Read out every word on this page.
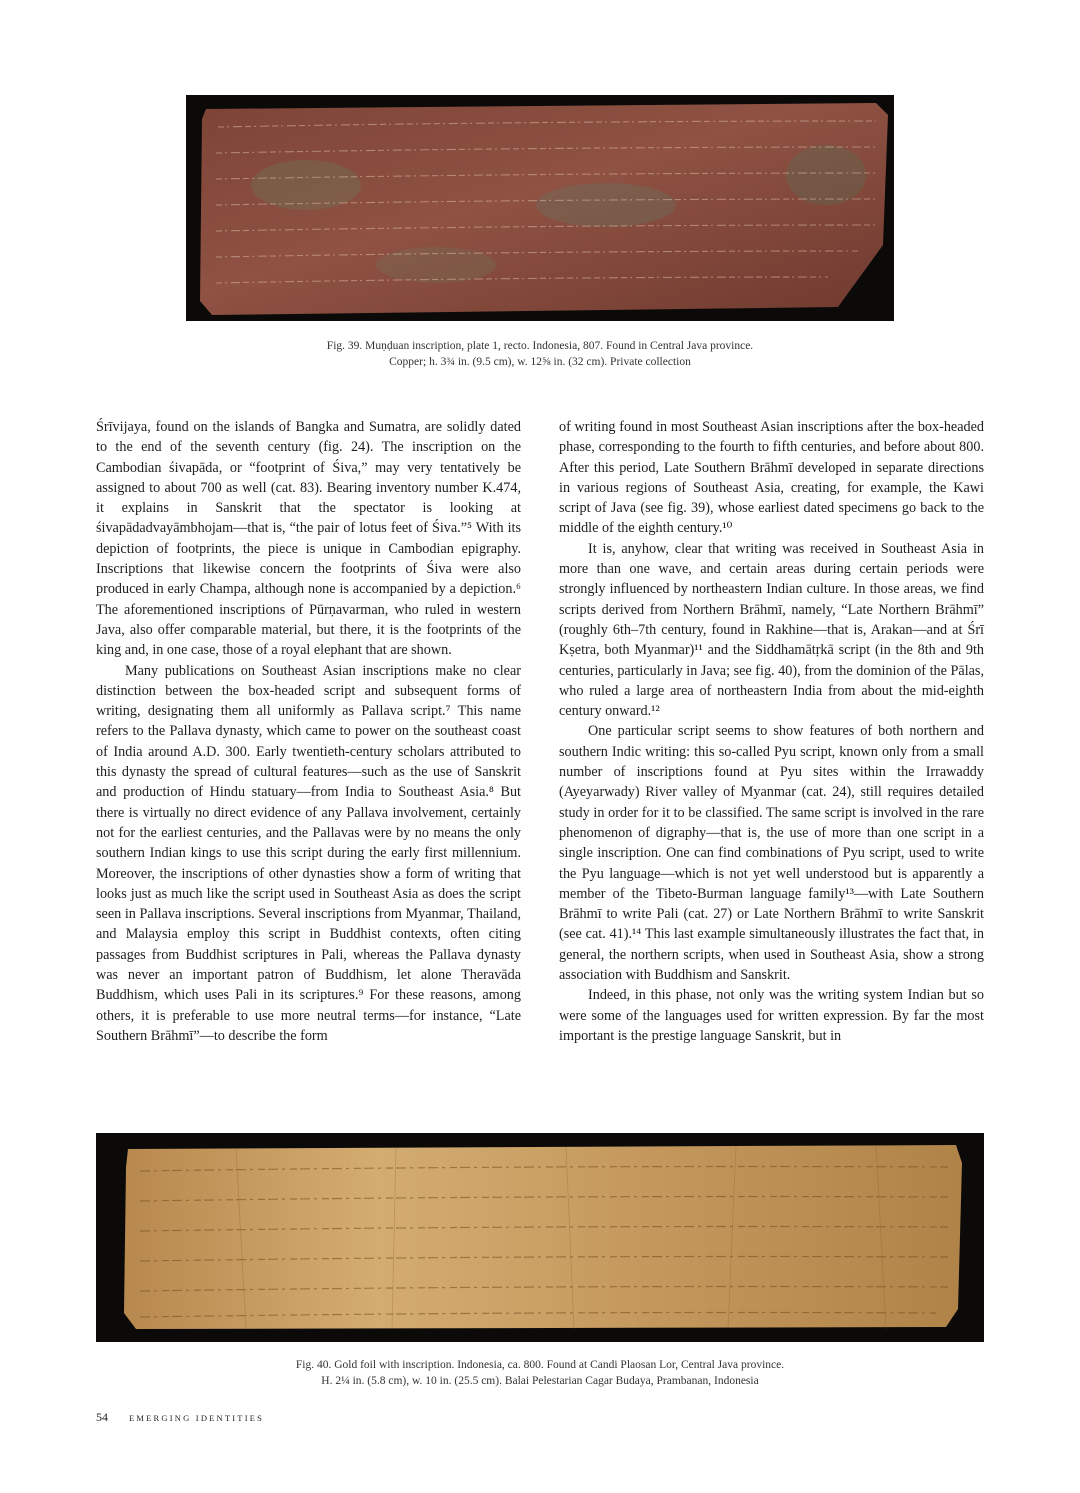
Fig. 39. Muṇḍuan inscription, plate 1, recto. Indonesia, 807. Found in Central Java province.
Copper; h. 3¾ in. (9.5 cm), w. 12⅝ in. (32 cm). Private collection

Śrīvijaya, found on the islands of Bangka and Sumatra, are solidly dated to the end of the seventh century (fig. 24). The inscription on the Cambodian śivapāda, or “footprint of Śiva,” may very tentatively be assigned to about 700 as well (cat. 83). Bearing inventory number K.474, it explains in Sanskrit that the spectator is looking at śivapādadvayāmbhojam—that is, “the pair of lotus feet of Śiva.”⁵ With its depiction of footprints, the piece is unique in Cambodian epigraphy. Inscriptions that likewise concern the footprints of Śiva were also produced in early Champa, although none is accompanied by a depiction.⁶ The aforementioned inscriptions of Pūrṇavarman, who ruled in western Java, also offer comparable material, but there, it is the footprints of the king and, in one case, those of a royal elephant that are shown.

Many publications on Southeast Asian inscriptions make no clear distinction between the box-headed script and subsequent forms of writing, designating them all uniformly as Pallava script.⁷ This name refers to the Pallava dynasty, which came to power on the southeast coast of India around A.D. 300. Early twentieth-century scholars attributed to this dynasty the spread of cultural features—such as the use of Sanskrit and production of Hindu statuary—from India to Southeast Asia.⁸ But there is virtually no direct evidence of any Pallava involvement, certainly not for the earliest centuries, and the Pallavas were by no means the only southern Indian kings to use this script during the early first millennium. Moreover, the inscriptions of other dynasties show a form of writing that looks just as much like the script used in Southeast Asia as does the script seen in Pallava inscriptions. Several inscriptions from Myanmar, Thailand, and Malaysia employ this script in Buddhist contexts, often citing passages from Buddhist scriptures in Pali, whereas the Pallava dynasty was never an important patron of Buddhism, let alone Theravāda Buddhism, which uses Pali in its scriptures.⁹ For these reasons, among others, it is preferable to use more neutral terms—for instance, “Late Southern Brāhmī”—to describe the form

of writing found in most Southeast Asian inscriptions after the box-headed phase, corresponding to the fourth to fifth centuries, and before about 800. After this period, Late Southern Brāhmī developed in separate directions in various regions of Southeast Asia, creating, for example, the Kawi script of Java (see fig. 39), whose earliest dated specimens go back to the middle of the eighth century.¹⁰

It is, anyhow, clear that writing was received in Southeast Asia in more than one wave, and certain areas during certain periods were strongly influenced by northeastern Indian culture. In those areas, we find scripts derived from Northern Brāhmī, namely, “Late Northern Brāhmī” (roughly 6th–7th century, found in Rakhine—that is, Arakan—and at Śrī Kṣetra, both Myanmar)¹¹ and the Siddhamātṛkā script (in the 8th and 9th centuries, particularly in Java; see fig. 40), from the dominion of the Pālas, who ruled a large area of northeastern India from about the mid-eighth century onward.¹²

One particular script seems to show features of both northern and southern Indic writing: this so-called Pyu script, known only from a small number of inscriptions found at Pyu sites within the Irrawaddy (Ayeyarwady) River valley of Myanmar (cat. 24), still requires detailed study in order for it to be classified. The same script is involved in the rare phenomenon of digraphy—that is, the use of more than one script in a single inscription. One can find combinations of Pyu script, used to write the Pyu language—which is not yet well understood but is apparently a member of the Tibeto-Burman language family¹³—with Late Southern Brāhmī to write Pali (cat. 27) or Late Northern Brāhmī to write Sanskrit (see cat. 41).¹⁴ This last example simultaneously illustrates the fact that, in general, the northern scripts, when used in Southeast Asia, show a strong association with Buddhism and Sanskrit.

Indeed, in this phase, not only was the writing system Indian but so were some of the languages used for written expression. By far the most important is the prestige language Sanskrit, but in

Fig. 40. Gold foil with inscription. Indonesia, ca. 800. Found at Candi Plaosan Lor, Central Java province.
H. 2¼ in. (5.8 cm), w. 10 in. (25.5 cm). Balai Pelestarian Cagar Budaya, Prambanan, Indonesia
54 EMERGING IDENTITIES
